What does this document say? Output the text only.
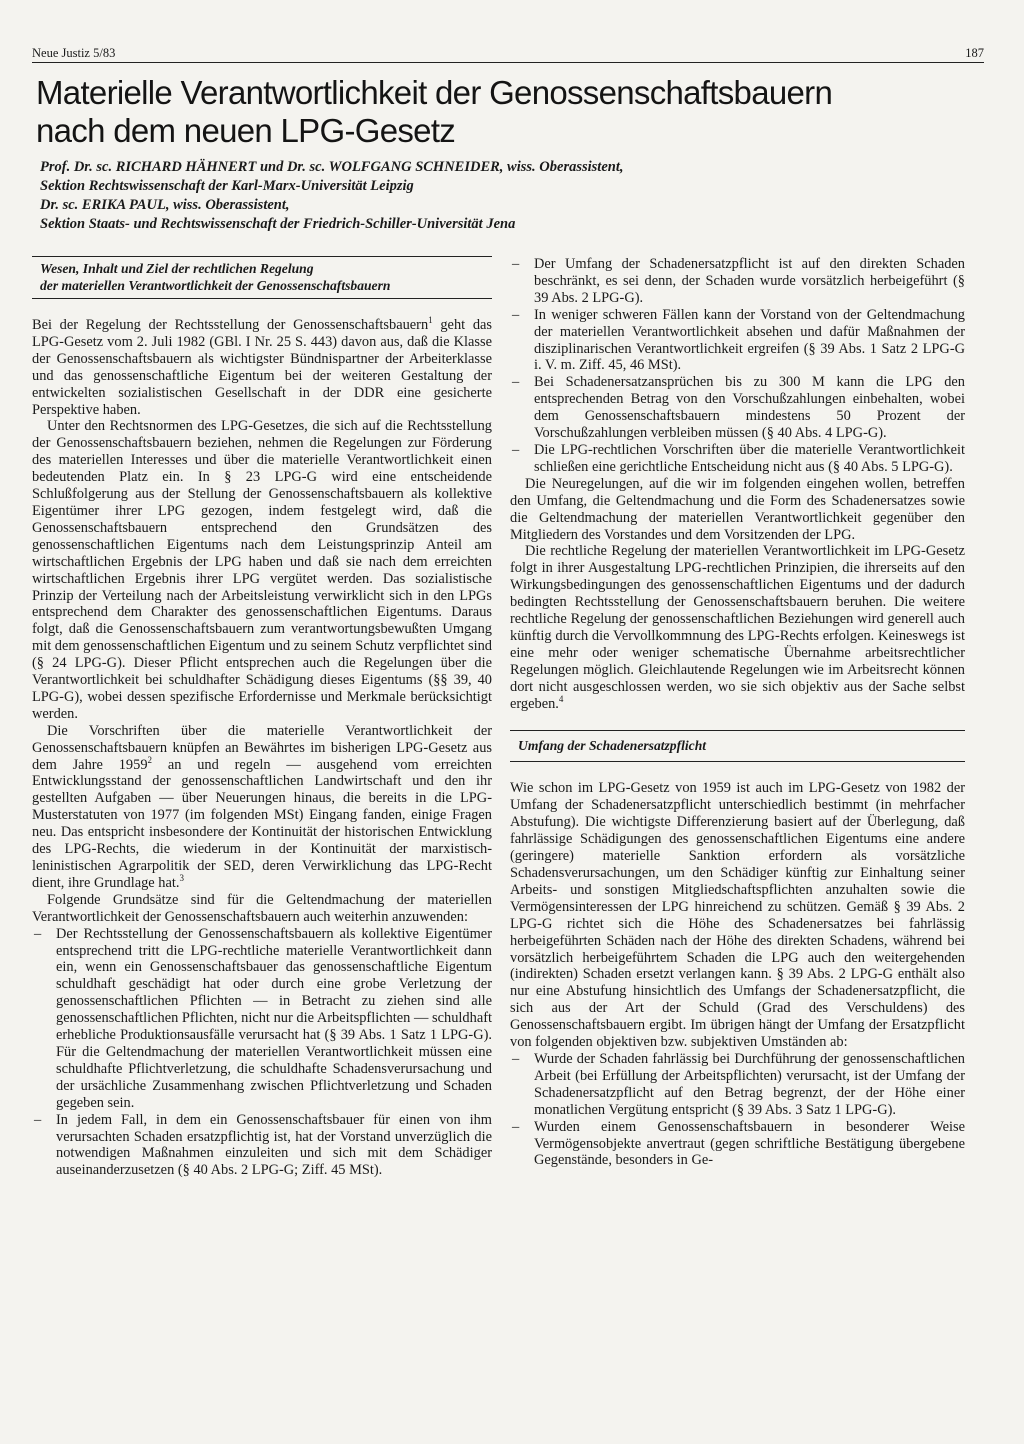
Neue Justiz 5/83	187
Materielle Verantwortlichkeit der Genossenschaftsbauern
nach dem neuen LPG-Gesetz
Prof. Dr. sc. RICHARD HÄHNERT und Dr. sc. WOLFGANG SCHNEIDER, wiss. Oberassistent,
Sektion Rechtswissenschaft der Karl-Marx-Universität Leipzig
Dr. sc. ERIKA PAUL, wiss. Oberassistent,
Sektion Staats- und Rechtswissenschaft der Friedrich-Schiller-Universität Jena
Wesen, Inhalt und Ziel der rechtlichen Regelung
der materiellen Verantwortlichkeit der Genossenschaftsbauern

Bei der Regelung der Rechtsstellung der Genossenschaftsbauern$^1$ geht das LPG-Gesetz vom 2. Juli 1982 (GBl. I Nr. 25 S. 443) davon aus, daß die Klasse der Genossenschaftsbauern als wichtigster Bündnispartner der Arbeiterklasse und das genossenschaftliche Eigentum bei der weiteren Gestaltung der entwickelten sozialistischen Gesellschaft in der DDR eine gesicherte Perspektive haben.

Unter den Rechtsnormen des LPG-Gesetzes, die sich auf die Rechtsstellung der Genossenschaftsbauern beziehen, nehmen die Regelungen zur Förderung des materiellen Interesses und über die materielle Verantwortlichkeit einen bedeutenden Platz ein. In § 23 LPG-G wird eine entscheidende Schlußfolgerung aus der Stellung der Genossenschaftsbauern als kollektive Eigentümer ihrer LPG gezogen, indem festgelegt wird, daß die Genossenschaftsbauern entsprechend den Grundsätzen des genossenschaftlichen Eigentums nach dem Leistungsprinzip Anteil am wirtschaftlichen Ergebnis der LPG haben und daß sie nach dem erreichten wirtschaftlichen Ergebnis ihrer LPG vergütet werden. Das sozialistische Prinzip der Verteilung nach der Arbeitsleistung verwirklicht sich in den LPGs entsprechend dem Charakter des genossenschaftlichen Eigentums. Daraus folgt, daß die Genossenschaftsbauern zum verantwortungsbewußten Umgang mit dem genossenschaftlichen Eigentum und zu seinem Schutz verpflichtet sind (§ 24 LPG-G). Dieser Pflicht entsprechen auch die Regelungen über die Verantwortlichkeit bei schuldhafter Schädigung dieses Eigentums (§§ 39, 40 LPG-G), wobei dessen spezifische Erfordernisse und Merkmale berücksichtigt werden.

Die Vorschriften über die materielle Verantwortlichkeit der Genossenschaftsbauern knüpfen an Bewährtes im bisherigen LPG-Gesetz aus dem Jahre 1959$^2$ an und regeln — ausgehend vom erreichten Entwicklungsstand der genossenschaftlichen Landwirtschaft und den ihr gestellten Aufgaben — über Neuerungen hinaus, die bereits in die LPG-Musterstatuten von 1977 (im folgenden MSt) Eingang fanden, einige Fragen neu. Das entspricht insbesondere der Kontinuität der historischen Entwicklung des LPG-Rechts, die wiederum in der Kontinuität der marxistisch-leninistischen Agrarpolitik der SED, deren Verwirklichung das LPG-Recht dient, ihre Grundlage hat.$^3$

Folgende Grundsätze sind für die Geltendmachung der materiellen Verantwortlichkeit der Genossenschaftsbauern auch weiterhin anzuwenden:

– Der Rechtsstellung der Genossenschaftsbauern als kollektive Eigentümer entsprechend tritt die LPG-rechtliche materielle Verantwortlichkeit dann ein, wenn ein Genossenschaftsbauer das genossenschaftliche Eigentum schuldhaft geschädigt hat oder durch eine grobe Verletzung der genossenschaftlichen Pflichten — in Betracht zu ziehen sind alle genossenschaftlichen Pflichten, nicht nur die Arbeitspflichten — schuldhaft erhebliche Produktionsausfälle verursacht hat (§ 39 Abs. 1 Satz 1 LPG-G). Für die Geltendmachung der materiellen Verantwortlichkeit müssen eine schuldhafte Pflichtverletzung, die schuldhafte Schadensverursachung und der ursächliche Zusammenhang zwischen Pflichtverletzung und Schaden gegeben sein.
– In jedem Fall, in dem ein Genossenschaftsbauer für einen von ihm verursachten Schaden ersatzpflichtig ist, hat der Vorstand unverzüglich die notwendigen Maßnahmen einzuleiten und sich mit dem Schädiger auseinanderzusetzen (§ 40 Abs. 2 LPG-G; Ziff. 45 MSt).
– Der Umfang der Schadenersatzpflicht ist auf den direkten Schaden beschränkt, es sei denn, der Schaden wurde vorsätzlich herbeigeführt (§ 39 Abs. 2 LPG-G).
– In weniger schweren Fällen kann der Vorstand von der Geltendmachung der materiellen Verantwortlichkeit absehen und dafür Maßnahmen der disziplinarischen Verantwortlichkeit ergreifen (§ 39 Abs. 1 Satz 2 LPG-G i. V. m. Ziff. 45, 46 MSt).
– Bei Schadenersatzansprüchen bis zu 300 M kann die LPG den entsprechenden Betrag von den Vorschußzahlungen einbehalten, wobei dem Genossenschaftsbauern mindestens 50 Prozent der Vorschußzahlungen verbleiben müssen (§ 40 Abs. 4 LPG-G).
– Die LPG-rechtlichen Vorschriften über die materielle Verantwortlichkeit schließen eine gerichtliche Entscheidung nicht aus (§ 40 Abs. 5 LPG-G).

Die Neuregelungen, auf die wir im folgenden eingehen wollen, betreffen den Umfang, die Geltendmachung und die Form des Schadenersatzes sowie die Geltendmachung der materiellen Verantwortlichkeit gegenüber den Mitgliedern des Vorstandes und dem Vorsitzenden der LPG.

Die rechtliche Regelung der materiellen Verantwortlichkeit im LPG-Gesetz folgt in ihrer Ausgestaltung LPG-rechtlichen Prinzipien, die ihrerseits auf den Wirkungsbedingungen des genossenschaftlichen Eigentums und der dadurch bedingten Rechtsstellung der Genossenschaftsbauern beruhen. Die weitere rechtliche Regelung der genossenschaftlichen Beziehungen wird generell auch künftig durch die Vervollkommnung des LPG-Rechts erfolgen. Keineswegs ist eine mehr oder weniger schematische Übernahme arbeitsrechtlicher Regelungen möglich. Gleichlautende Regelungen wie im Arbeitsrecht können dort nicht ausgeschlossen werden, wo sie sich objektiv aus der Sache selbst ergeben.$^4$

Umfang der Schadenersatzpflicht

Wie schon im LPG-Gesetz von 1959 ist auch im LPG-Gesetz von 1982 der Umfang der Schadenersatzpflicht unterschiedlich bestimmt (in mehrfacher Abstufung). Die wichtigste Differenzierung basiert auf der Überlegung, daß fahrlässige Schädigungen des genossenschaftlichen Eigentums eine andere (geringere) materielle Sanktion erfordern als vorsätzliche Schadensverursachungen, um den Schädiger künftig zur Einhaltung seiner Arbeits- und sonstigen Mitgliedschaftspflichten anzuhalten sowie die Vermögensinteressen der LPG hinreichend zu schützen. Gemäß § 39 Abs. 2 LPG-G richtet sich die Höhe des Schadenersatzes bei fahrlässig herbeigeführten Schäden nach der Höhe des direkten Schadens, während bei vorsätzlich herbeigeführtem Schaden die LPG auch den weitergehenden (indirekten) Schaden ersetzt verlangen kann. § 39 Abs. 2 LPG-G enthält also nur eine Abstufung hinsichtlich des Umfangs der Schadenersatzpflicht, die sich aus der Art der Schuld (Grad des Verschuldens) des Genossenschaftsbauern ergibt. Im übrigen hängt der Umfang der Ersatzpflicht von folgenden objektiven bzw. subjektiven Umständen ab:

– Wurde der Schaden fahrlässig bei Durchführung der genossenschaftlichen Arbeit (bei Erfüllung der Arbeitspflichten) verursacht, ist der Umfang der Schadenersatzpflicht auf den Betrag begrenzt, der der Höhe einer monatlichen Vergütung entspricht (§ 39 Abs. 3 Satz 1 LPG-G).
– Wurden einem Genossenschaftsbauern in besonderer Weise Vermögensobjekte anvertraut (gegen schriftliche Bestätigung übergebene Gegenstände, besonders in Ge-
